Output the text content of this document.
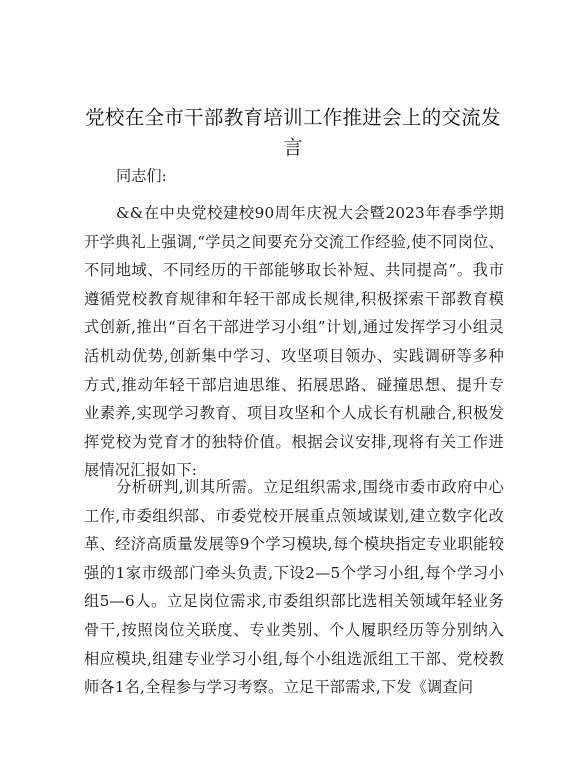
党校在全市干部教育培训工作推进会上的交流发言

同志们:

&&在中央党校建校90周年庆祝大会暨2023年春季学期开学典礼上强调,“学员之间要充分交流工作经验,使不同岗位、不同地域、不同经历的干部能够取长补短、共同提高”。我市遵循党校教育规律和年轻干部成长规律,积极探索干部教育模式创新,推出“百名干部进学习小组”计划,通过发挥学习小组灵活机动优势,创新集中学习、攻坚项目领办、实践调研等多种方式,推动年轻干部启迪思维、拓展思路、碰撞思想、提升专业素养,实现学习教育、项目攻坚和个人成长有机融合,积极发挥党校为党育才的独特价值。根据会议安排,现将有关工作进展情况汇报如下:

分析研判,训其所需。立足组织需求,围绕市委市政府中心工作,市委组织部、市委党校开展重点领域谋划,建立数字化改革、经济高质量发展等9个学习模块,每个模块指定专业职能较强的1家市级部门牵头负责,下设2—5个学习小组,每个学习小组5—6人。立足岗位需求,市委组织部比选相关领域年轻业务骨干,按照岗位关联度、专业类别、个人履职经历等分别纳入相应模块,组建专业学习小组,每个小组选派组工干部、党校教师各1名,全程参与学习考察。立足干部需求,下发《调查问
